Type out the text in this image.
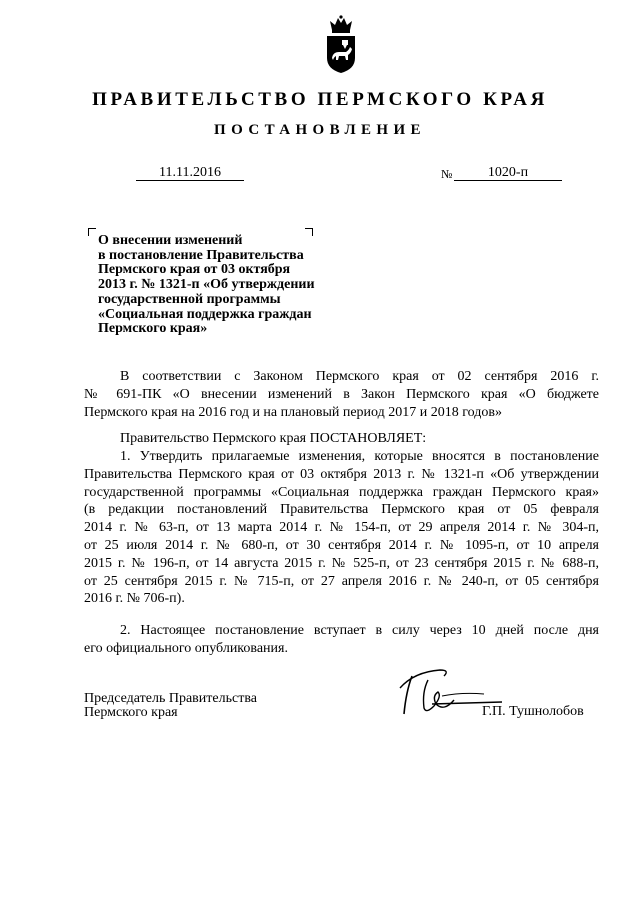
ПРАВИТЕЛЬСТВО ПЕРМСКОГО КРАЯ
ПОСТАНОВЛЕНИЕ
11.11.2016	№	1020-п
О внесении изменений
в постановление Правительства
Пермского края от 03 октября
2013 г. № 1321-п «Об утверждении
государственной программы
«Социальная поддержка граждан
Пермского края»
В соответствии с Законом Пермского края от 02 сентября 2016 г.
№ 691-ПК «О внесении изменений в Закон Пермского края «О бюджете
Пермского края на 2016 год и на плановый период 2017 и 2018 годов»
Правительство Пермского края ПОСТАНОВЛЯЕТ:
1. Утвердить прилагаемые изменения, которые вносятся в постановление
Правительства Пермского края от 03 октября 2013 г. № 1321-п «Об утверждении
государственной программы «Социальная поддержка граждан Пермского края»
(в редакции постановлений Правительства Пермского края от 05 февраля
2014 г. № 63-п, от 13 марта 2014 г. № 154-п, от 29 апреля 2014 г. № 304-п,
от 25 июля 2014 г. № 680-п, от 30 сентября 2014 г. № 1095-п, от 10 апреля
2015 г. № 196-п, от 14 августа 2015 г. № 525-п, от 23 сентября 2015 г. № 688-п,
от 25 сентября 2015 г. № 715-п, от 27 апреля 2016 г. № 240-п, от 05 сентября
2016 г. № 706-п).
2. Настоящее постановление вступает в силу через 10 дней после дня
его официального опубликования.
Председатель Правительства
Пермского края	Г.П. Тушнолобов
